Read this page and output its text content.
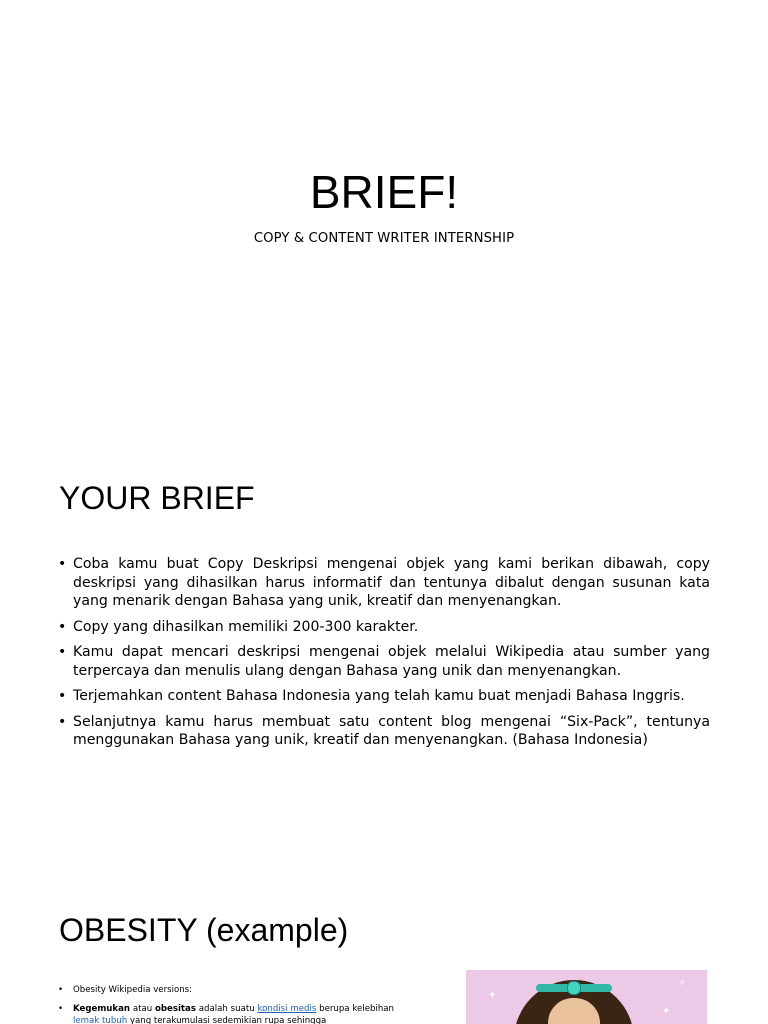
BRIEF!
COPY & CONTENT WRITER INTERNSHIP
YOUR BRIEF
• Coba kamu buat Copy Deskripsi mengenai objek yang kami berikan dibawah, copy deskripsi yang dihasilkan harus informatif dan tentunya dibalut dengan susunan kata yang menarik dengan Bahasa yang unik, kreatif dan menyenangkan.
• Copy yang dihasilkan memiliki 200-300 karakter.
• Kamu dapat mencari deskripsi mengenai objek melalui Wikipedia atau sumber yang terpercaya dan menulis ulang dengan Bahasa yang unik dan menyenangkan.
• Terjemahkan content Bahasa Indonesia yang telah kamu buat menjadi Bahasa Inggris.
• Selanjutnya kamu harus membuat satu content blog mengenai “Six-Pack”, tentunya menggunakan Bahasa yang unik, kreatif dan menyenangkan. (Bahasa Indonesia)
OBESITY (example)
• Obesity Wikipedia versions:
• Kegemukan atau obesitas adalah suatu kondisi medis berupa kelebihan lemak tubuh yang terakumulasi sedemikian rupa sehingga
✦
✦
✧
